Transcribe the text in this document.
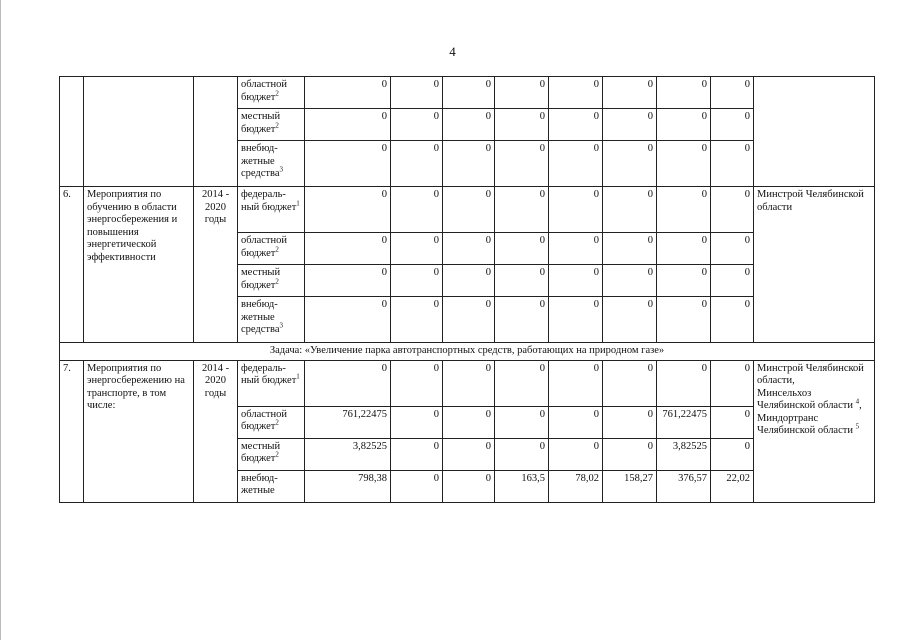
4
			областной бюджет$^2$	0	0	0	0	0	0	0	0	
			местный бюджет$^2$	0	0	0	0	0	0	0	0	
			внебюд-жетные средства$^3$	0	0	0	0	0	0	0	0	
6.	Мероприятия по обучению в области энергосбережения и повышения энергетической эффективности	2014 - 2020 годы	федераль-ный бюджет$^1$	0	0	0	0	0	0	0	0	Минстрой Челябинской области
			областной бюджет$^2$	0	0	0	0	0	0	0	0	
			местный бюджет$^2$	0	0	0	0	0	0	0	0	
			внебюд-жетные средства$^3$	0	0	0	0	0	0	0	0	
Задача: «Увеличение парка автотранспортных средств, работающих на природном газе»												
7.	Мероприятия по энергосбережению на транспорте, в том числе:	2014 - 2020 годы	федераль-ный бюджет$^1$	0	0	0	0	0	0	0	0	Минстрой Челябинской области,
Минсельхоз Челябинской области $^4$,
Миндортранс Челябинской области $^5$

			областной бюджет$^2$	761,22475	0	0	0	0	0	761,22475	0	
			местный бюджет$^2$	3,82525	0	0	0	0	0	3,82525	0	
			внебюд-жетные	798,38	0	0	163,5	78,02	158,27	376,57	22,02	
